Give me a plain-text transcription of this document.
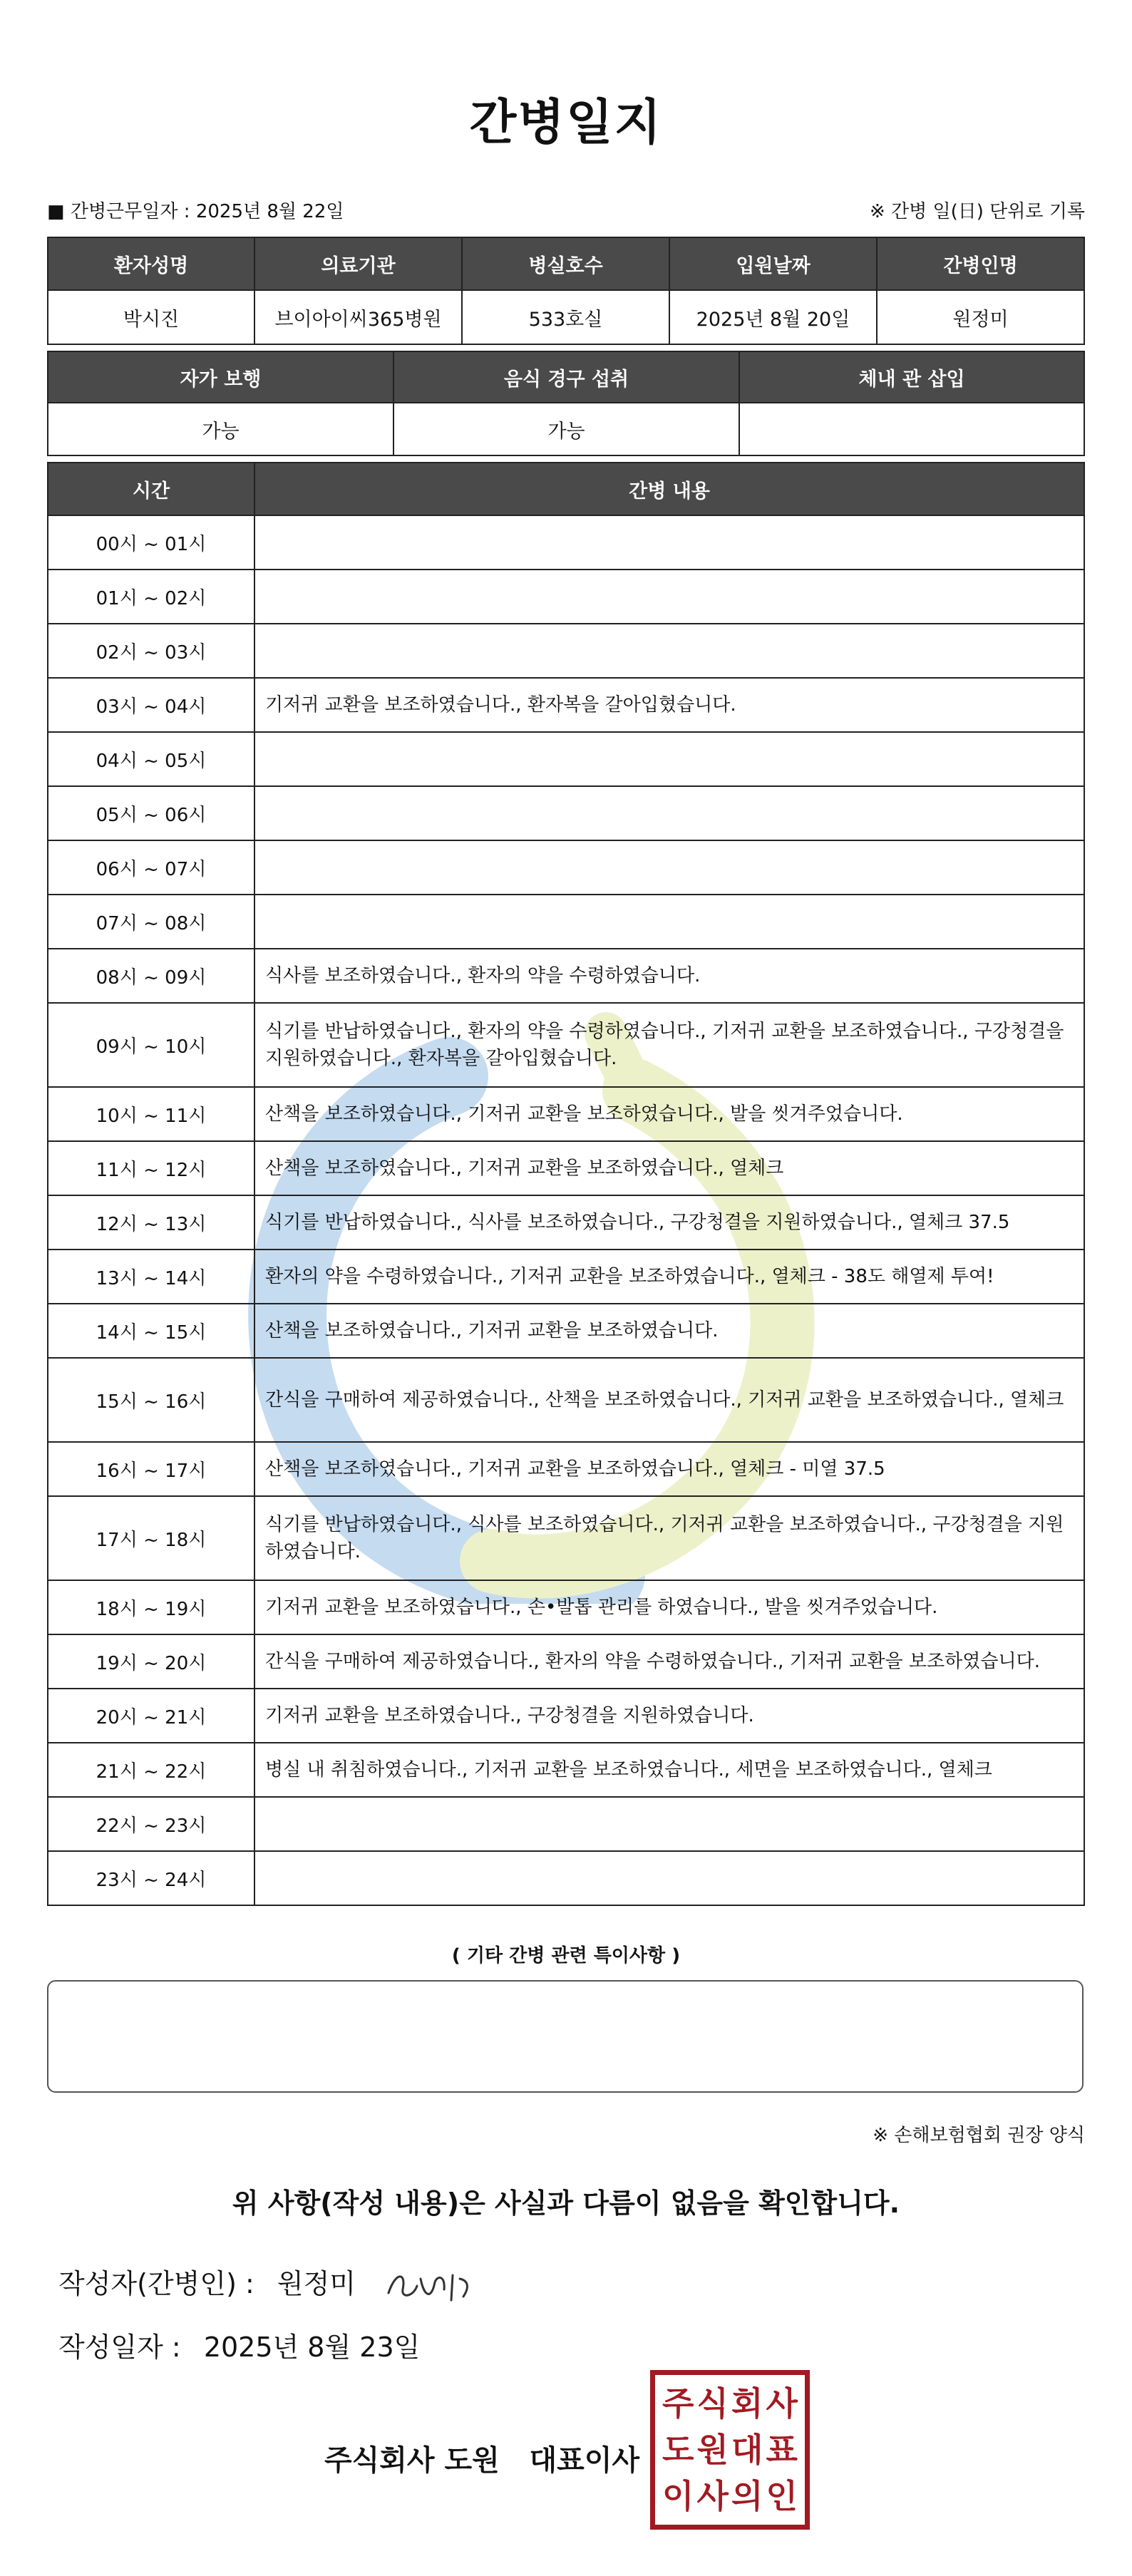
간병일지
■ 간병근무일자 : 2025년 8월 22일	※ 간병 일(日) 단위로 기록
환자성명	의료기관	병실호수	입원날짜	간병인명
박시진	브이아이씨365병원	533호실	2025년 8월 20일	원정미
자가 보행	음식 경구 섭취	체내 관 삽입
가능	가능	
시간	간병 내용
00시 ~ 01시	
01시 ~ 02시	
02시 ~ 03시	
03시 ~ 04시	기저귀 교환을 보조하였습니다., 환자복을 갈아입혔습니다.
04시 ~ 05시	
05시 ~ 06시	
06시 ~ 07시	
07시 ~ 08시	
08시 ~ 09시	식사를 보조하였습니다., 환자의 약을 수령하였습니다.
09시 ~ 10시	식기를 반납하였습니다., 환자의 약을 수령하였습니다., 기저귀 교환을 보조하였습니다., 구강청결을 지원하였습니다., 환자복을 갈아입혔습니다.
10시 ~ 11시	산책을 보조하였습니다., 기저귀 교환을 보조하였습니다., 발을 씻겨주었습니다.
11시 ~ 12시	산책을 보조하였습니다., 기저귀 교환을 보조하였습니다., 열체크
12시 ~ 13시	식기를 반납하였습니다., 식사를 보조하였습니다., 구강청결을 지원하였습니다., 열체크 37.5
13시 ~ 14시	환자의 약을 수령하였습니다., 기저귀 교환을 보조하였습니다., 열체크 - 38도 해열제 투여!
14시 ~ 15시	산책을 보조하였습니다., 기저귀 교환을 보조하였습니다.
15시 ~ 16시	간식을 구매하여 제공하였습니다., 산책을 보조하였습니다., 기저귀 교환을 보조하였습니다., 열체크
16시 ~ 17시	산책을 보조하였습니다., 기저귀 교환을 보조하였습니다., 열체크 - 미열 37.5
17시 ~ 18시	식기를 반납하였습니다., 식사를 보조하였습니다., 기저귀 교환을 보조하였습니다., 구강청결을 지원하였습니다.
18시 ~ 19시	기저귀 교환을 보조하였습니다., 손•발톱 관리를 하였습니다., 발을 씻겨주었습니다.
19시 ~ 20시	간식을 구매하여 제공하였습니다., 환자의 약을 수령하였습니다., 기저귀 교환을 보조하였습니다.
20시 ~ 21시	기저귀 교환을 보조하였습니다., 구강청결을 지원하였습니다.
21시 ~ 22시	병실 내 취침하였습니다., 기저귀 교환을 보조하였습니다., 세면을 보조하였습니다., 열체크
22시 ~ 23시	
23시 ~ 24시	
( 기타 간병 관련 특이사항 )
※ 손해보험협회 권장 양식
위 사항(작성 내용)은 사실과 다름이 없음을 확인합니다.
작성자(간병인) : 원정미
작성일자 : 2025년 8월 23일
주식회사 도원   대표이사
주 식 회 사
도 원 대 표
이 사 의 인
